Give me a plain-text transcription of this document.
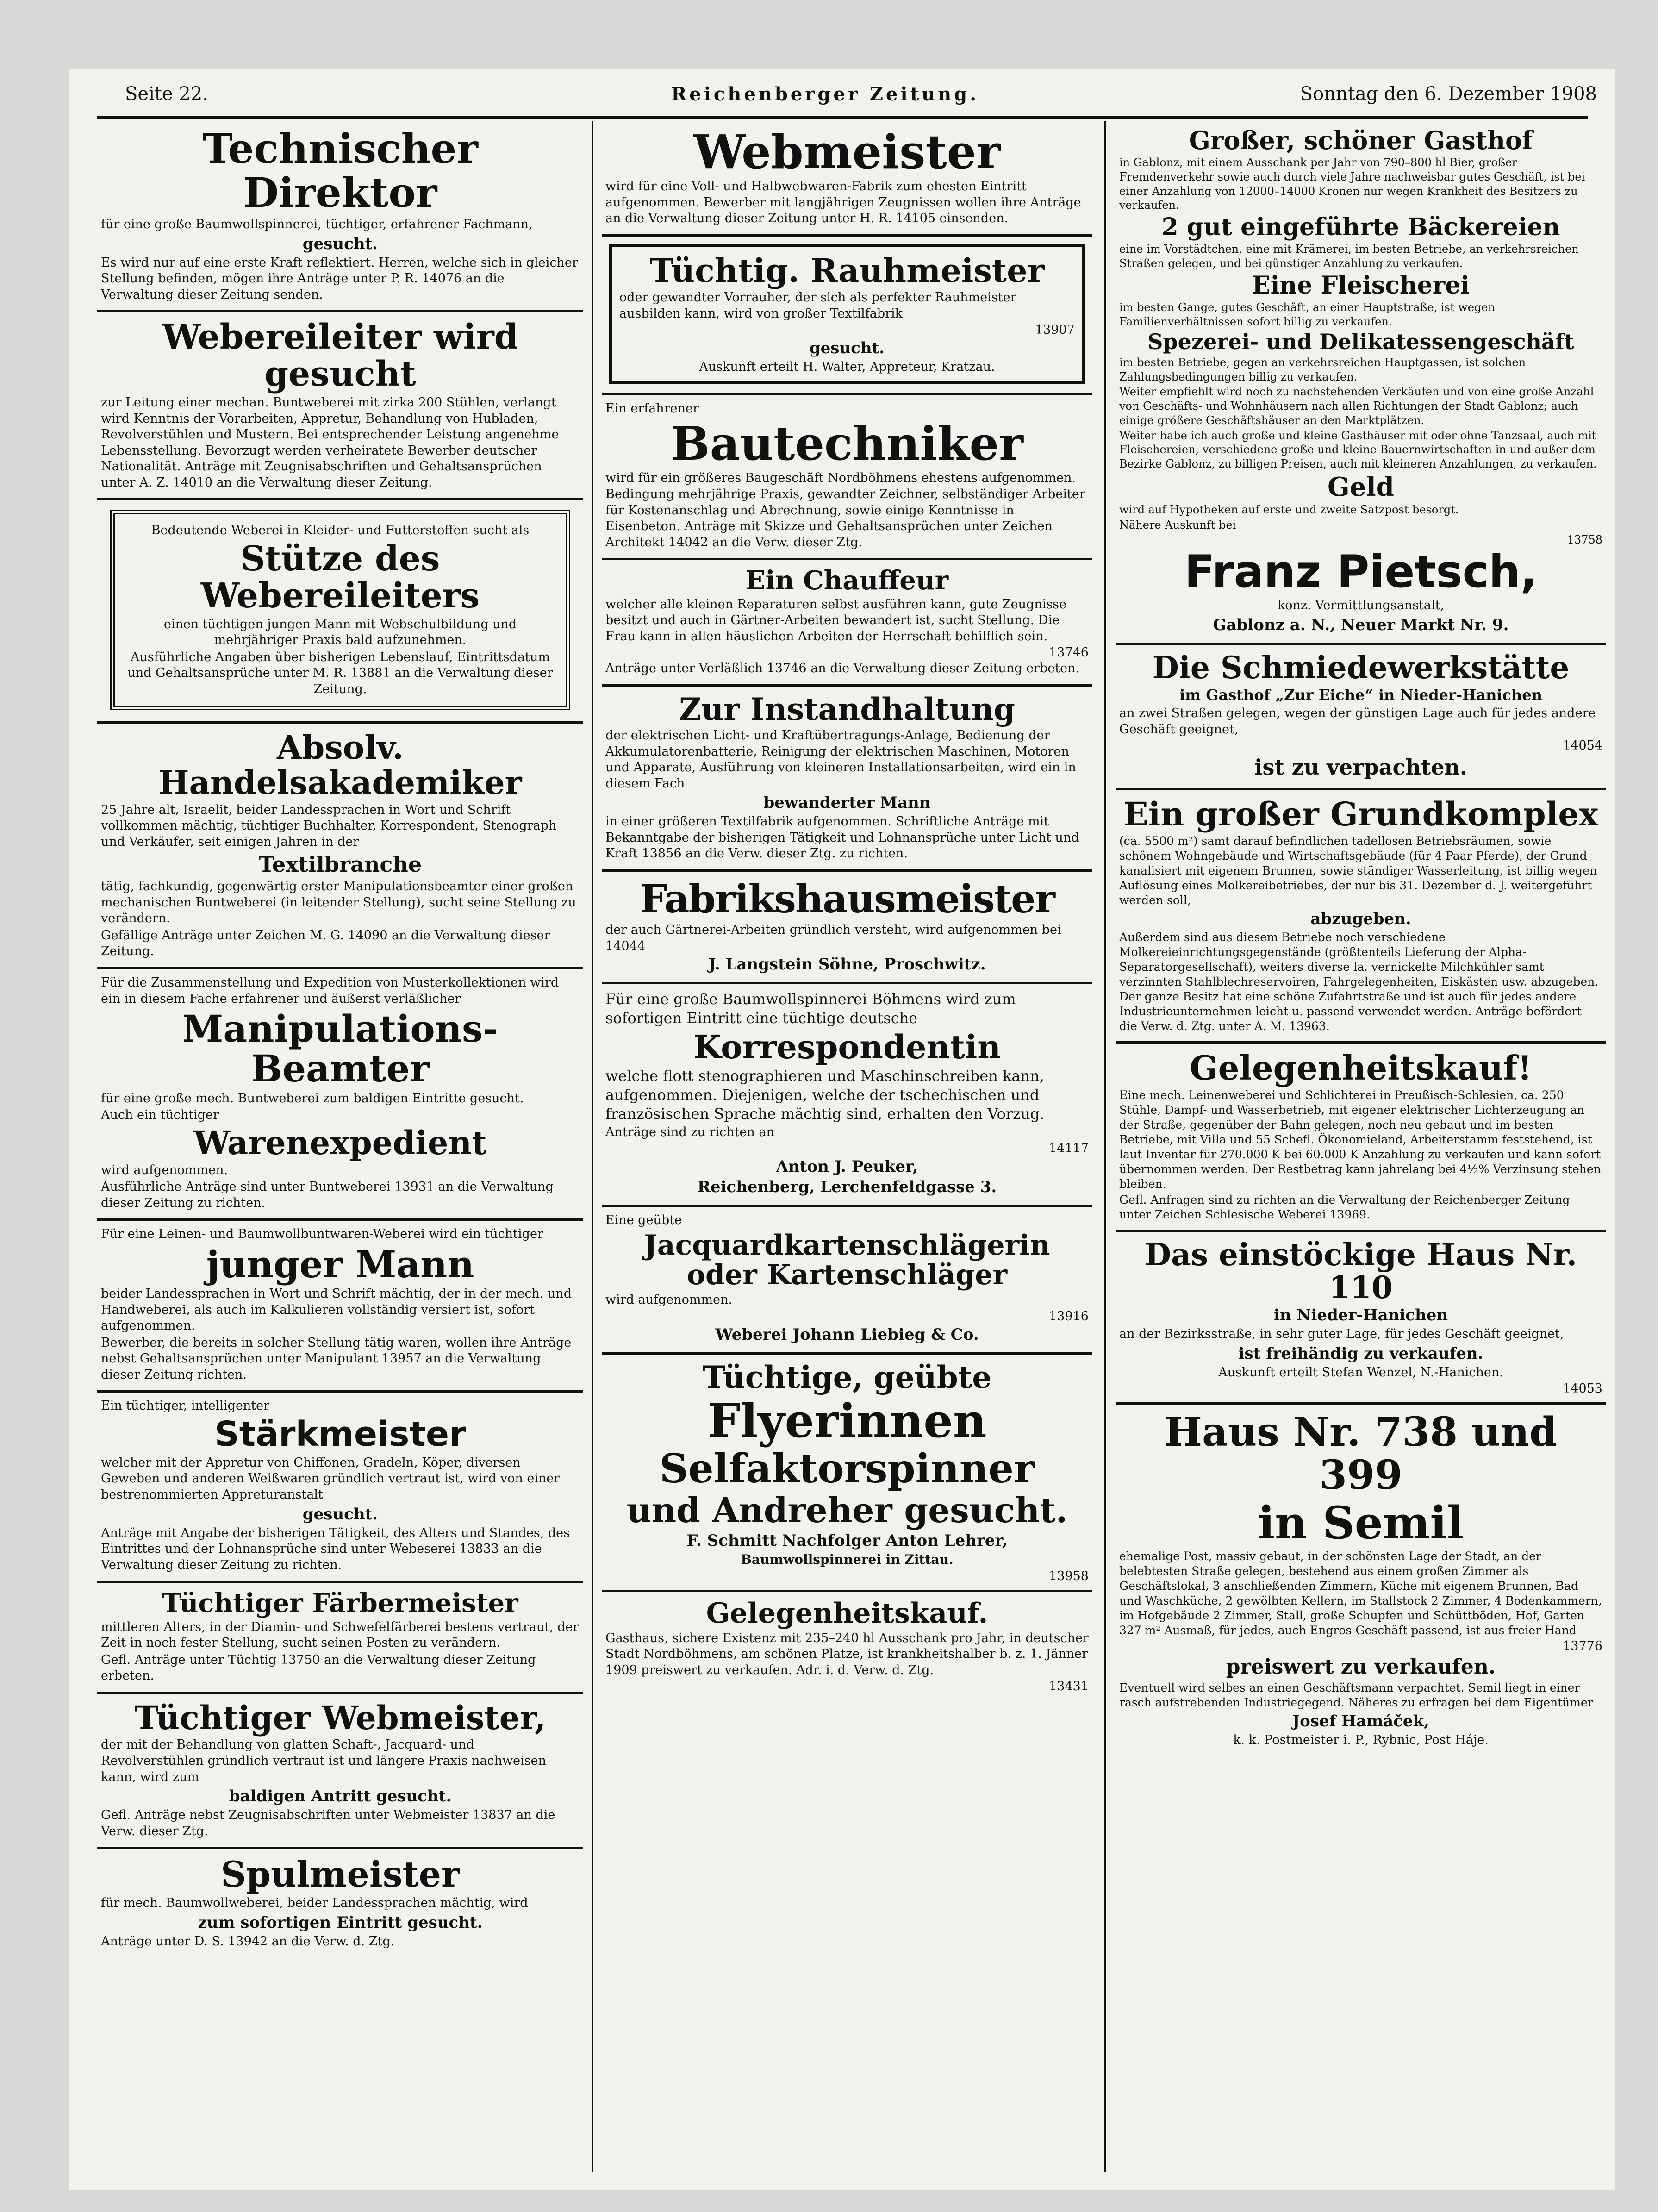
Seite 22.	Reichenberger Zeitung.	Sonntag den 6. Dezember 1908
Technischer Direktor

für eine große Baumwollspinnerei, tüchtiger, erfahrener Fachmann,

gesucht.

Es wird nur auf eine erste Kraft reflektiert. Herren, welche sich in gleicher Stellung befinden, mögen ihre Anträge unter P. R. 14076 an die Verwaltung dieser Zeitung senden.

Webereileiter wird gesucht

zur Leitung einer mechan. Buntweberei mit zirka 200 Stühlen, verlangt wird Kenntnis der Vorarbeiten, Appretur, Behandlung von Hubladen, Revolverstühlen und Mustern. Bei entsprechender Leistung angenehme Lebensstellung. Bevorzugt werden verheiratete Bewerber deutscher Nationalität. Anträge mit Zeugnisabschriften und Gehaltsansprüchen unter A. Z. 14010 an die Verwaltung dieser Zeitung.

Bedeutende Weberei in Kleider- und Futterstoffen sucht als

Stütze des Webereileiters

einen tüchtigen jungen Mann mit Webschulbildung und mehrjähriger Praxis bald aufzunehmen.

Ausführliche Angaben über bisherigen Lebenslauf, Eintrittsdatum und Gehaltsansprüche unter M. R. 13881 an die Verwaltung dieser Zeitung.

Absolv. Handelsakademiker

25 Jahre alt, Israelit, beider Landessprachen in Wort und Schrift vollkommen mächtig, tüchtiger Buchhalter, Korrespondent, Stenograph und Verkäufer, seit einigen Jahren in der

Textilbranche

tätig, fachkundig, gegenwärtig erster Manipulationsbeamter einer großen mechanischen Buntweberei (in leitender Stellung), sucht seine Stellung zu verändern.

Gefällige Anträge unter Zeichen M. G. 14090 an die Verwaltung dieser Zeitung.

Für die Zusammenstellung und Expedition von Musterkollektionen wird ein in diesem Fache erfahrener und äußerst verläßlicher

Manipulations-Beamter

für eine große mech. Buntweberei zum baldigen Eintritte gesucht.

Auch ein tüchtiger

Warenexpedient

wird aufgenommen.

Ausführliche Anträge sind unter Buntweberei 13931 an die Verwaltung dieser Zeitung zu richten.

Für eine Leinen- und Baumwollbuntwaren-Weberei wird ein tüchtiger

junger Mann

beider Landessprachen in Wort und Schrift mächtig, der in der mech. und Handweberei, als auch im Kalkulieren vollständig versiert ist, sofort aufgenommen.

Bewerber, die bereits in solcher Stellung tätig waren, wollen ihre Anträge nebst Gehaltsansprüchen unter Manipulant 13957 an die Verwaltung dieser Zeitung richten.

Ein tüchtiger, intelligenter

Stärkmeister

welcher mit der Appretur von Chiffonen, Gradeln, Köper, diversen Geweben und anderen Weißwaren gründlich vertraut ist, wird von einer bestrenommierten Appreturanstalt

gesucht.

Anträge mit Angabe der bisherigen Tätigkeit, des Alters und Standes, des Eintrittes und der Lohnansprüche sind unter Webeserei 13833 an die Verwaltung dieser Zeitung zu richten.

Tüchtiger Färbermeister

mittleren Alters, in der Diamin- und Schwefelfärberei bestens vertraut, der Zeit in noch fester Stellung, sucht seinen Posten zu verändern.

Gefl. Anträge unter Tüchtig 13750 an die Verwaltung dieser Zeitung erbeten.

Tüchtiger Webmeister,

der mit der Behandlung von glatten Schaft-, Jacquard- und Revolverstühlen gründlich vertraut ist und längere Praxis nachweisen kann, wird zum

baldigen Antritt gesucht.

Gefl. Anträge nebst Zeugnisabschriften unter Webmeister 13837 an die Verw. dieser Ztg.

Spulmeister

für mech. Baumwollweberei, beider Landessprachen mächtig, wird

zum sofortigen Eintritt gesucht.

Anträge unter D. S. 13942 an die Verw. d. Ztg.

Webmeister

wird für eine Voll- und Halbwebwaren-Fabrik zum ehesten Eintritt aufgenommen. Bewerber mit langjährigen Zeugnissen wollen ihre Anträge an die Verwaltung dieser Zeitung unter H. R. 14105 einsenden.

Tüchtig. Rauhmeister

oder gewandter Vorrauher, der sich als perfekter Rauhmeister ausbilden kann, wird von großer Textilfabrik

13907

gesucht.

Auskunft erteilt H. Walter, Appreteur, Kratzau.

Ein erfahrener

Bautechniker

wird für ein größeres Baugeschäft Nordböhmens ehestens aufgenommen. Bedingung mehrjährige Praxis, gewandter Zeichner, selbständiger Arbeiter für Kostenanschlag und Abrechnung, sowie einige Kenntnisse in Eisenbeton. Anträge mit Skizze und Gehaltsansprüchen unter Zeichen Architekt 14042 an die Verw. dieser Ztg.

Ein Chauffeur

welcher alle kleinen Reparaturen selbst ausführen kann, gute Zeugnisse besitzt und auch in Gärtner-Arbeiten bewandert ist, sucht Stellung. Die Frau kann in allen häuslichen Arbeiten der Herrschaft behilflich sein.

13746

Anträge unter Verläßlich 13746 an die Verwaltung dieser Zeitung erbeten.

Zur Instandhaltung

der elektrischen Licht- und Kraftübertragungs-Anlage, Bedienung der Akkumulatorenbatterie, Reinigung der elektrischen Maschinen, Motoren und Apparate, Ausführung von kleineren Installationsarbeiten, wird ein in diesem Fach

bewanderter Mann

in einer größeren Textilfabrik aufgenommen. Schriftliche Anträge mit Bekanntgabe der bisherigen Tätigkeit und Lohnansprüche unter Licht und Kraft 13856 an die Verw. dieser Ztg. zu richten.

Fabrikshausmeister

der auch Gärtnerei-Arbeiten gründlich versteht, wird aufgenommen bei

14044

J. Langstein Söhne, Proschwitz.

Für eine große Baumwollspinnerei Böhmens wird zum sofortigen Eintritt eine tüchtige deutsche

Korrespondentin

welche flott stenographieren und Maschinschreiben kann, aufgenommen. Diejenigen, welche der tschechischen und französischen Sprache mächtig sind, erhalten den Vorzug.

Anträge sind zu richten an

14117

Anton J. Peuker,

Reichenberg, Lerchenfeldgasse 3.

Eine geübte

Jacquardkartenschlägerin oder Kartenschläger

wird aufgenommen.

13916

Weberei Johann Liebieg & Co.

Tüchtige, geübte
Flyerinnen
Selfaktorspinner
und Andreher gesucht.

F. Schmitt Nachfolger Anton Lehrer,

Baumwollspinnerei in Zittau.

13958

Gelegenheitskauf.

Gasthaus, sichere Existenz mit 235–240 hl Ausschank pro Jahr, in deutscher Stadt Nordböhmens, am schönen Platze, ist krankheitshalber b. z. 1. Jänner 1909 preiswert zu verkaufen. Adr. i. d. Verw. d. Ztg.

13431

Großer, schöner Gasthof

in Gablonz, mit einem Ausschank per Jahr von 790–800 hl Bier, großer Fremdenverkehr sowie auch durch viele Jahre nachweisbar gutes Geschäft, ist bei einer Anzahlung von 12000–14000 Kronen nur wegen Krankheit des Besitzers zu verkaufen.

2 gut eingeführte Bäckereien

eine im Vorstädtchen, eine mit Krämerei, im besten Betriebe, an verkehrsreichen Straßen gelegen, und bei günstiger Anzahlung zu verkaufen.

Eine Fleischerei

im besten Gange, gutes Geschäft, an einer Hauptstraße, ist wegen Familienverhältnissen sofort billig zu verkaufen.

Spezerei- und Delikatessengeschäft

im besten Betriebe, gegen an verkehrsreichen Hauptgassen, ist solchen Zahlungsbedingungen billig zu verkaufen.

Weiter empfiehlt wird noch zu nachstehenden Verkäufen und von eine große Anzahl von Geschäfts- und Wohnhäusern nach allen Richtungen der Stadt Gablonz; auch einige größere Geschäftshäuser an den Marktplätzen.

Weiter habe ich auch große und kleine Gasthäuser mit oder ohne Tanzsaal, auch mit Fleischereien, verschiedene große und kleine Bauernwirtschaften in und außer dem Bezirke Gablonz, zu billigen Preisen, auch mit kleineren Anzahlungen, zu verkaufen.

Geld

wird auf Hypotheken auf erste und zweite Satzpost besorgt.

Nähere Auskunft bei

13758

Franz Pietsch,

konz. Vermittlungsanstalt,

Gablonz a. N., Neuer Markt Nr. 9.

Die Schmiedewerkstätte

im Gasthof „Zur Eiche“ in Nieder-Hanichen

an zwei Straßen gelegen, wegen der günstigen Lage auch für jedes andere Geschäft geeignet,

14054

ist zu verpachten.

Ein großer Grundkomplex

(ca. 5500 m²) samt darauf befindlichen tadellosen Betriebsräumen, sowie schönem Wohngebäude und Wirtschaftsgebäude (für 4 Paar Pferde), der Grund kanalisiert mit eigenem Brunnen, sowie ständiger Wasserleitung, ist billig wegen Auflösung eines Molkereibetriebes, der nur bis 31. Dezember d. J. weitergeführt werden soll,

abzugeben.

Außerdem sind aus diesem Betriebe noch verschiedene Molkereieinrichtungsgegenstände (größtenteils Lieferung der Alpha-Separatorgesellschaft), weiters diverse la. vernickelte Milchkühler samt verzinnten Stahlblechreservoiren, Fahrgelegenheiten, Eiskästen usw. abzugeben. Der ganze Besitz hat eine schöne Zufahrtstraße und ist auch für jedes andere Industrieunternehmen leicht u. passend verwendet werden. Anträge befördert die Verw. d. Ztg. unter A. M. 13963.

Gelegenheitskauf!

Eine mech. Leinenweberei und Schlichterei in Preußisch-Schlesien, ca. 250 Stühle, Dampf- und Wasserbetrieb, mit eigener elektrischer Lichterzeugung an der Straße, gegenüber der Bahn gelegen, noch neu gebaut und im besten Betriebe, mit Villa und 55 Schefl. Ökonomieland, Arbeiterstamm feststehend, ist laut Inventar für 270.000 K bei 60.000 K Anzahlung zu verkaufen und kann sofort übernommen werden. Der Restbetrag kann jahrelang bei 4½% Verzinsung stehen bleiben.

Gefl. Anfragen sind zu richten an die Verwaltung der Reichenberger Zeitung unter Zeichen Schlesische Weberei 13969.

Das einstöckige Haus Nr. 110

in Nieder-Hanichen

an der Bezirksstraße, in sehr guter Lage, für jedes Geschäft geeignet,

ist freihändig zu verkaufen.

Auskunft erteilt Stefan Wenzel, N.-Hanichen.

14053

Haus Nr. 738 und 399
in Semil

ehemalige Post, massiv gebaut, in der schönsten Lage der Stadt, an der belebtesten Straße gelegen, bestehend aus einem großen Zimmer als Geschäftslokal, 3 anschließenden Zimmern, Küche mit eigenem Brunnen, Bad und Waschküche, 2 gewölbten Kellern, im Stallstock 2 Zimmer, 4 Bodenkammern, im Hofgebäude 2 Zimmer, Stall, große Schupfen und Schüttböden, Hof, Garten 327 m² Ausmaß, für jedes, auch Engros-Geschäft passend, ist aus freier Hand

13776

preiswert zu verkaufen.

Eventuell wird selbes an einen Geschäftsmann verpachtet. Semil liegt in einer rasch aufstrebenden Industriegegend. Näheres zu erfragen bei dem Eigentümer

Josef Hamáček,

k. k. Postmeister i. P., Rybnic, Post Háje.
